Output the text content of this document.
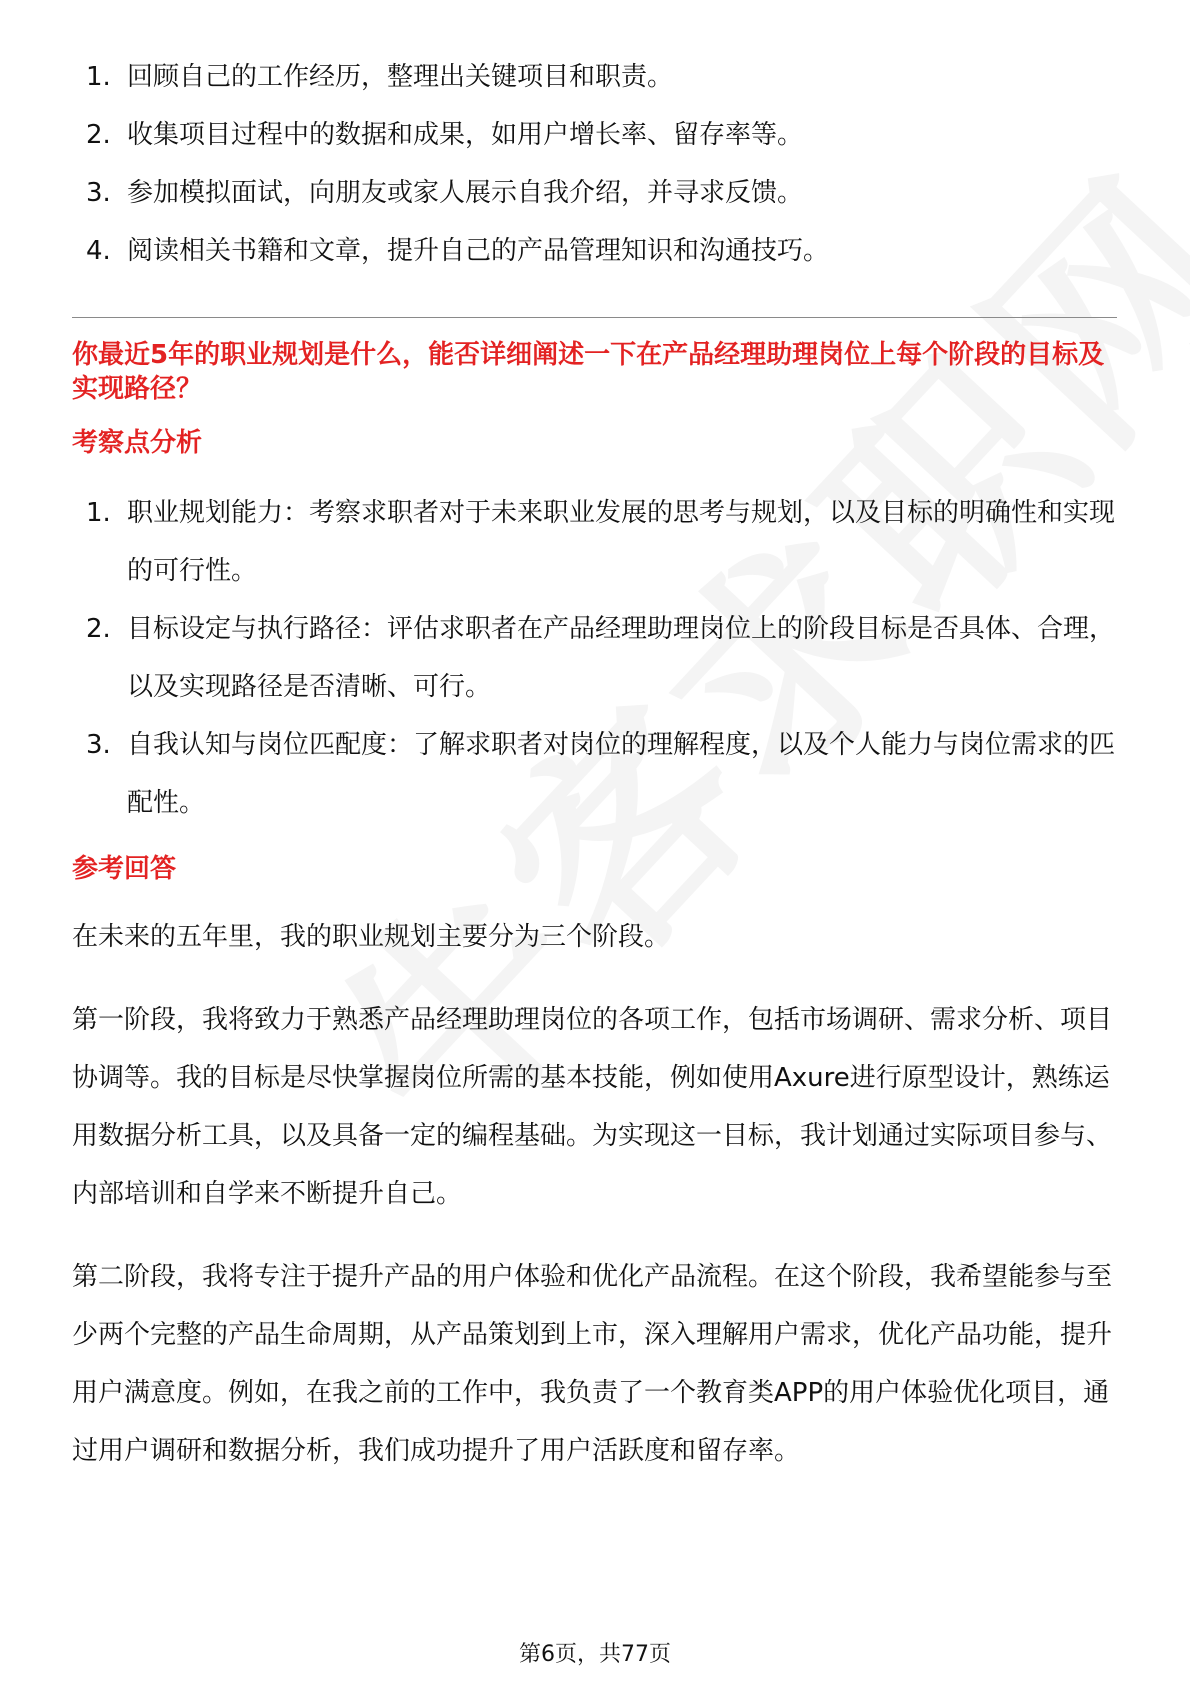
1. 回顾自己的工作经历，整理出关键项目和职责。
2. 收集项目过程中的数据和成果，如用户增长率、留存率等。
3. 参加模拟面试，向朋友或家人展示自我介绍，并寻求反馈。
4. 阅读相关书籍和文章，提升自己的产品管理知识和沟通技巧。
你最近5年的职业规划是什么，能否详细阐述一下在产品经理助理岗位上每个阶段的目标及实现路径？
考察点分析
1. 职业规划能力：考察求职者对于未来职业发展的思考与规划，以及目标的明确性和实现的可行性。
2. 目标设定与执行路径：评估求职者在产品经理助理岗位上的阶段目标是否具体、合理，以及实现路径是否清晰、可行。
3. 自我认知与岗位匹配度：了解求职者对岗位的理解程度，以及个人能力与岗位需求的匹配性。
参考回答

在未来的五年里，我的职业规划主要分为三个阶段。

第一阶段，我将致力于熟悉产品经理助理岗位的各项工作，包括市场调研、需求分析、项目协调等。我的目标是尽快掌握岗位所需的基本技能，例如使用Axure进行原型设计，熟练运用数据分析工具，以及具备一定的编程基础。为实现这一目标，我计划通过实际项目参与、内部培训和自学来不断提升自己。

第二阶段，我将专注于提升产品的用户体验和优化产品流程。在这个阶段，我希望能参与至少两个完整的产品生命周期，从产品策划到上市，深入理解用户需求，优化产品功能，提升用户满意度。例如，在我之前的工作中，我负责了一个教育类APP的用户体验优化项目，通过用户调研和数据分析，我们成功提升了用户活跃度和留存率。

第6页，共77页
